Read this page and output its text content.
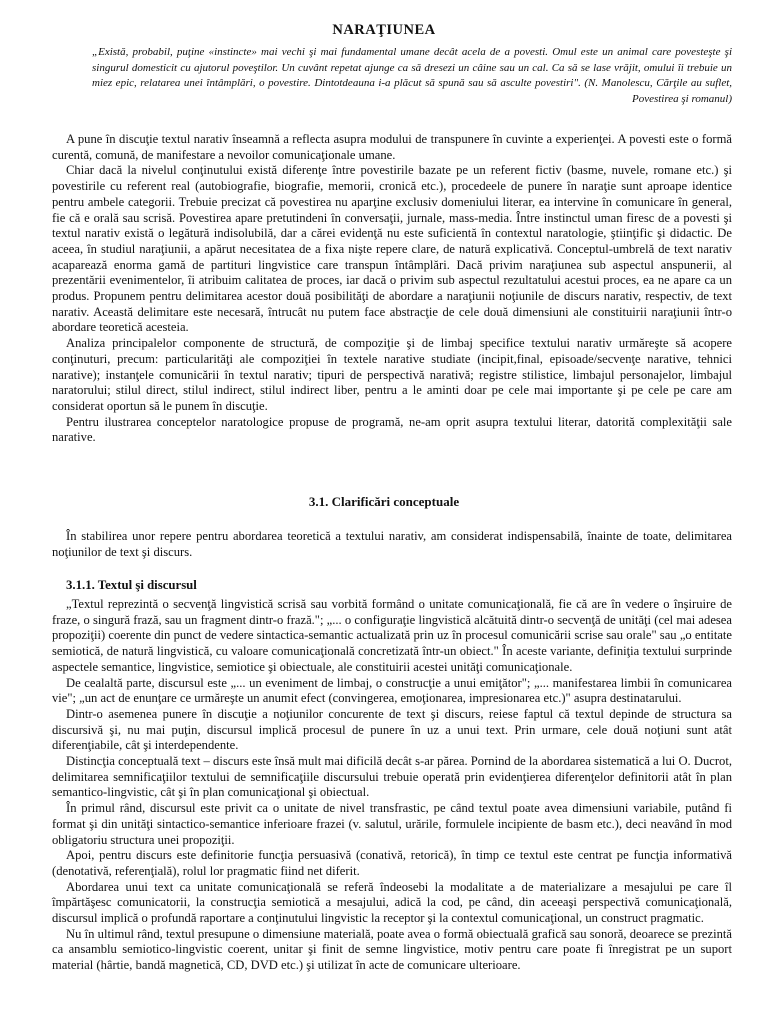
NARAŢIUNEA
„Există, probabil, puţine «instincte» mai vechi şi mai fundamental umane decât acela de a povesti. Omul este un animal care povesteşte şi singurul domesticit cu ajutorul poveştilor. Un cuvânt repetat ajunge ca să dresezi un câine sau un cal. Ca să se lase vrăjit, omului îi trebuie un miez epic, relatarea unei întâmplări, o povestire. Dintotdeauna i-a plăcut să spună sau să asculte povestiri". (N. Manolescu, Cărţile au suflet, Povestirea şi romanul)

A pune în discuţie textul narativ înseamnă a reflecta asupra modului de transpunere în cuvinte a experienţei. A povesti este o formă curentă, comună, de manifestare a nevoilor comunicaţionale umane.

Chiar dacă la nivelul conţinutului există diferenţe între povestirile bazate pe un referent fictiv (basme, nuvele, romane etc.) şi povestirile cu referent real (autobiografie, biografie, memorii, cronică etc.), procedeele de punere în naraţie sunt aproape identice pentru ambele categorii. Trebuie precizat că povestirea nu aparţine exclusiv domeniului literar, ea intervine în comunicare în general, fie că e orală sau scrisă. Povestirea apare pretutindeni în conversaţii, jurnale, mass-media. Între instinctul uman firesc de a povesti şi textul narativ există o legătură indisolubilă, dar a cărei evidenţă nu este suficientă în contextul naratologie, ştiinţific şi didactic. De aceea, în studiul naraţiunii, a apărut necesitatea de a fixa nişte repere clare, de natură explicativă. Conceptul-umbrelă de text narativ acaparează enorma gamă de partituri lingvistice care transpun întâmplări. Dacă privim naraţiunea sub aspectul anspunerii, al prezentării evenimentelor, îi atribuim calitatea de proces, iar dacă o privim sub aspectul rezultatului acestui proces, ea ne apare ca un produs. Propunem pentru delimitarea acestor două posibilităţi de abordare a naraţiunii noţiunile de discurs narativ, respectiv, de text narativ. Această delimitare este necesară, întrucât nu putem face abstracţie de cele două dimensiuni ale constituirii naraţiunii într-o abordare teoretică acesteia.

Analiza principalelor componente de structură, de compoziţie şi de limbaj specifice textului narativ urmăreşte să acopere conţinuturi, precum: particularităţi ale compoziţiei în textele narative studiate (incipit,final, episoade/secvenţe narative, tehnici narative); instanţele comunicării în textul narativ; tipuri de perspectivă narativă; registre stilistice, limbajul personajelor, limbajul naratorului; stilul direct, stilul indirect, stilul indirect liber, pentru a le aminti doar pe cele mai importante şi pe cele pe care am considerat oportun să le punem în discuţie.

Pentru ilustrarea conceptelor naratologice propuse de programă, ne-am oprit asupra textului literar, datorită complexităţii sale narative.

3.1. Clarificări conceptuale

În stabilirea unor repere pentru abordarea teoretică a textului narativ, am considerat indispensabilă, înainte de toate, delimitarea noţiunilor de text şi discurs.

3.1.1. Textul şi discursul

„Textul reprezintă o secvenţă lingvistică scrisă sau vorbită formând o unitate comunicaţională, fie că are în vedere o înşiruire de fraze, o singură frază, sau un fragment dintr-o frază."; „... o configuraţie lingvistică alcătuită dintr-o secvenţă de unităţi (cel mai adesea propoziţii) coerente din punct de vedere sintactica-semantic actualizată prin uz în procesul comunicării scrise sau orale" sau „o entitate semiotică, de natură lingvistică, cu valoare comunicaţională concretizată într-un obiect." În aceste variante, definiţia textului surprinde aspectele semantice, lingvistice, semiotice şi obiectuale, ale constituirii acestei unităţi comunicaţionale.

De cealaltă parte, discursul este „... un eveniment de limbaj, o construcţie a unui emiţător"; „... manifestarea limbii în comunicarea vie"; „un act de enunţare ce urmăreşte un anumit efect (convingerea, emoţionarea, impresionarea etc.)" asupra destinatarului.

Dintr-o asemenea punere în discuţie a noţiunilor concurente de text şi discurs, reiese faptul că textul depinde de structura sa discursivă şi, nu mai puţin, discursul implică procesul de punere în uz a unui text. Prin urmare, cele două noţiuni sunt atât diferenţiabile, cât şi interdependente.

Distincţia conceptuală text – discurs este însă mult mai dificilă decât s-ar părea. Pornind de la abordarea sistematică a lui O. Ducrot, delimitarea semnificaţiilor textului de semnificaţiile discursului trebuie operată prin evidenţierea diferenţelor definitorii atât în plan semantico-lingvistic, cât şi în plan comunicaţional şi obiectual.

În primul rând, discursul este privit ca o unitate de nivel transfrastic, pe când textul poate avea dimensiuni variabile, putând fi format şi din unităţi sintactico-semantice inferioare frazei (v. salutul, urările, formulele incipiente de basm etc.), deci neavând în mod obligatoriu structura unei propoziţii.

Apoi, pentru discurs este definitorie funcţia persuasivă (conativă, retorică), în timp ce textul este centrat pe funcţia informativă (denotativă, referenţială), rolul lor pragmatic fiind net diferit.

Abordarea unui text ca unitate comunicaţională se referă îndeosebi la modalitate a de materializare a mesajului pe care îl împărtăşesc comunicatorii, la construcţia semiotică a mesajului, adică la cod, pe când, din aceeaşi perspectivă comunicaţională, discursul implică o profundă raportare a conţinutului lingvistic la receptor şi la contextul comunicaţional, un construct pragmatic.

Nu în ultimul rând, textul presupune o dimensiune materială, poate avea o formă obiectuală grafică sau sonoră, deoarece se prezintă ca ansamblu semiotico-lingvistic coerent, unitar şi finit de semne lingvistice, motiv pentru care poate fi înregistrat pe un suport material (hârtie, bandă magnetică, CD, DVD etc.) şi utilizat în acte de comunicare ulterioare.
